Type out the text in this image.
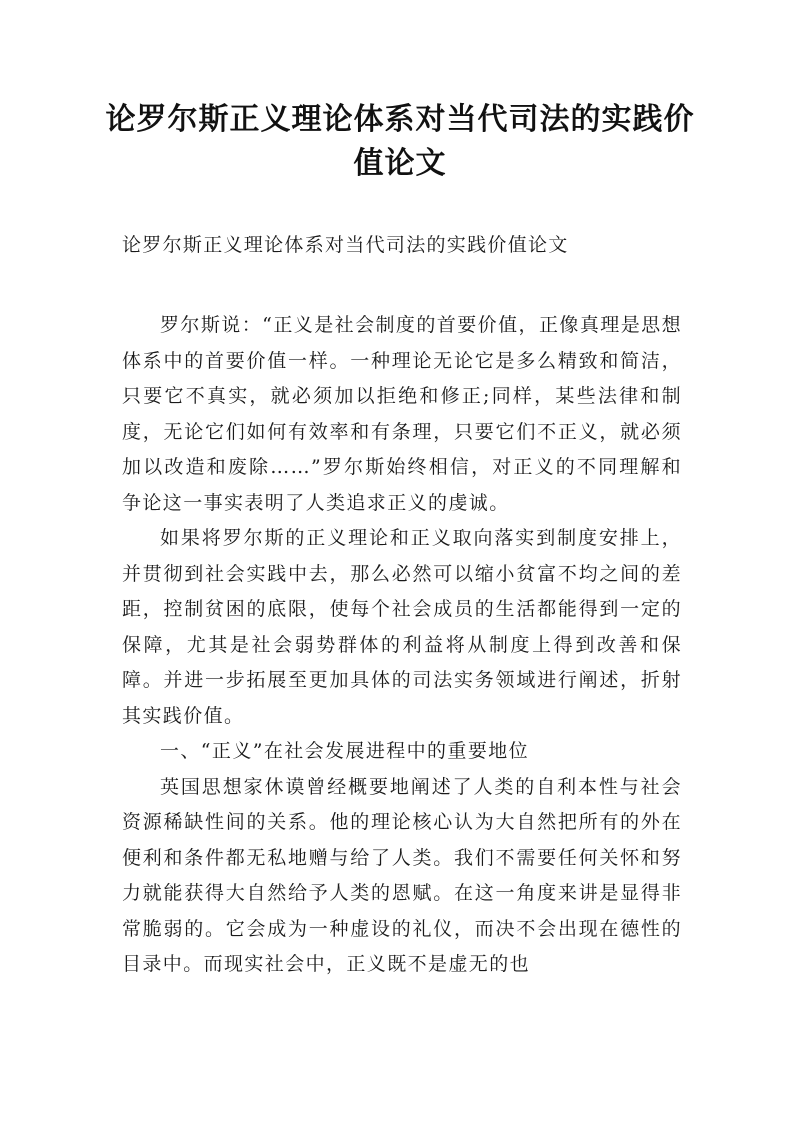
论罗尔斯正义理论体系对当代司法的实践价值论文

论罗尔斯正义理论体系对当代司法的实践价值论文

罗尔斯说：“正义是社会制度的首要价值，正像真理是思想体系中的首要价值一样。一种理论无论它是多么精致和简洁，只要它不真实，就必须加以拒绝和修正;同样，某些法律和制度，无论它们如何有效率和有条理，只要它们不正义，就必须加以改造和废除……”罗尔斯始终相信，对正义的不同理解和争论这一事实表明了人类追求正义的虔诚。

如果将罗尔斯的正义理论和正义取向落实到制度安排上，并贯彻到社会实践中去，那么必然可以缩小贫富不均之间的差距，控制贫困的底限，使每个社会成员的生活都能得到一定的保障，尤其是社会弱势群体的利益将从制度上得到改善和保障。并进一步拓展至更加具体的司法实务领域进行阐述，折射其实践价值。

一、“正义”在社会发展进程中的重要地位

英国思想家休谟曾经概要地阐述了人类的自利本性与社会资源稀缺性间的关系。他的理论核心认为大自然把所有的外在便利和条件都无私地赠与给了人类。我们不需要任何关怀和努力就能获得大自然给予人类的恩赋。在这一角度来讲是显得非常脆弱的。它会成为一种虚设的礼仪，而决不会出现在德性的目录中。而现实社会中，正义既不是虚无的也
